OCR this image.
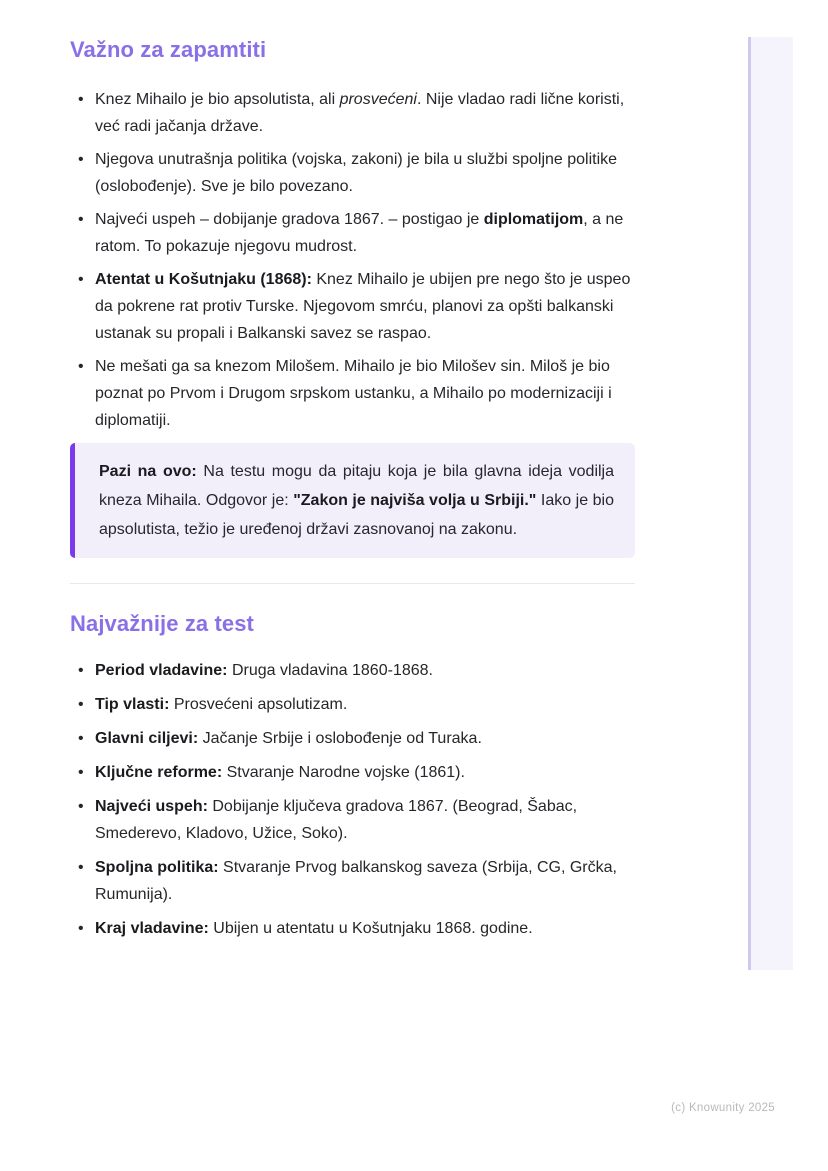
Važno za zapamtiti
• Knez Mihailo je bio apsolutista, ali prosvećeni. Nije vladao radi lične koristi, već radi jačanja države.
• Njegova unutrašnja politika (vojska, zakoni) je bila u službi spoljne politike (oslobođenje). Sve je bilo povezano.
• Najveći uspeh – dobijanje gradova 1867. – postigao je diplomatijom, a ne ratom. To pokazuje njegovu mudrost.
• Atentat u Košutnjaku (1868): Knez Mihailo je ubijen pre nego što je uspeo da pokrene rat protiv Turske. Njegovom smrću, planovi za opšti balkanski ustanak su propali i Balkanski savez se raspao.
• Ne mešati ga sa knezom Milošem. Mihailo je bio Milošev sin. Miloš je bio poznat po Prvom i Drugom srpskom ustanku, a Mihailo po modernizaciji i diplomatiji.

Pazi na ovo: Na testu mogu da pitaju koja je bila glavna ideja vodilja kneza Mihaila. Odgovor je: "Zakon je najviša volja u Srbiji." Iako je bio apsolutista, težio je uređenoj državi zasnovanoj na zakonu.

Najvažnije za test
• Period vladavine: Druga vladavina 1860-1868.
• Tip vlasti: Prosvećeni apsolutizam.
• Glavni ciljevi: Jačanje Srbije i oslobođenje od Turaka.
• Ključne reforme: Stvaranje Narodne vojske (1861).
• Najveći uspeh: Dobijanje ključeva gradova 1867. (Beograd, Šabac, Smederevo, Kladovo, Užice, Soko).
• Spoljna politika: Stvaranje Prvog balkanskog saveza (Srbija, CG, Grčka, Rumunija).
• Kraj vladavine: Ubijen u atentatu u Košutnjaku 1868. godine.
(c) Knowunity 2025
